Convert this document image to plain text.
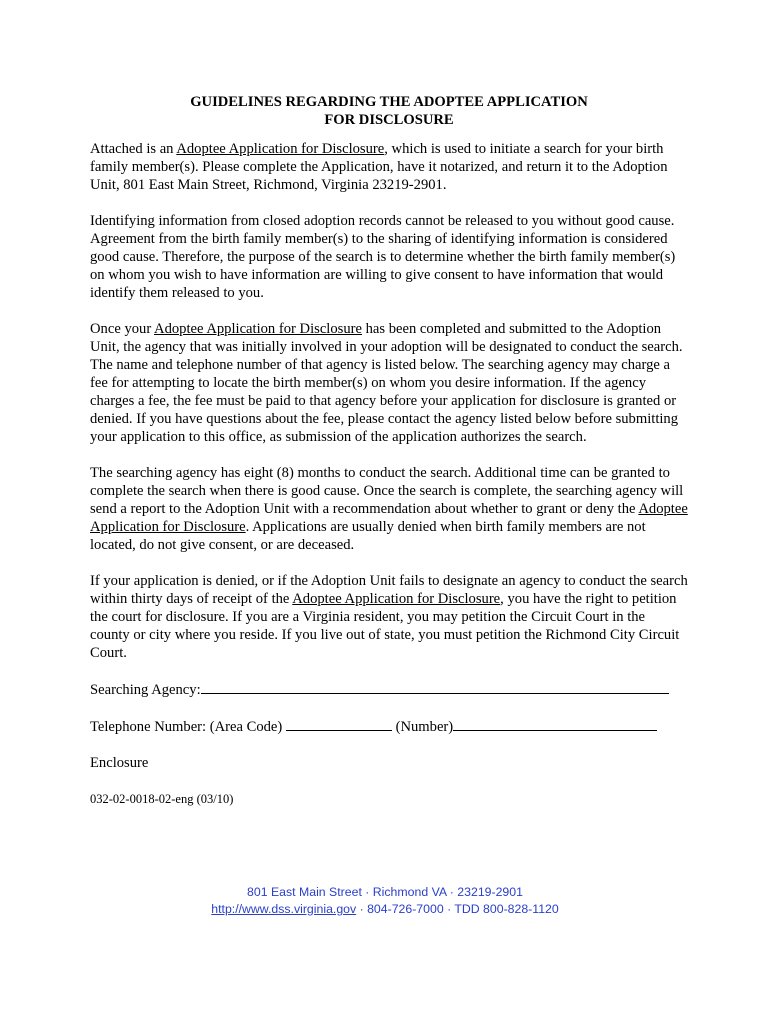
GUIDELINES REGARDING THE ADOPTEE APPLICATION
FOR DISCLOSURE

Attached is an Adoptee Application for Disclosure, which is used to initiate a search for your birth family member(s). Please complete the Application, have it notarized, and return it to the Adoption Unit, 801 East Main Street, Richmond, Virginia 23219-2901.

Identifying information from closed adoption records cannot be released to you without good cause. Agreement from the birth family member(s) to the sharing of identifying information is considered good cause. Therefore, the purpose of the search is to determine whether the birth family member(s) on whom you wish to have information are willing to give consent to have information that would identify them released to you.

Once your Adoptee Application for Disclosure has been completed and submitted to the Adoption Unit, the agency that was initially involved in your adoption will be designated to conduct the search. The name and telephone number of that agency is listed below. The searching agency may charge a fee for attempting to locate the birth member(s) on whom you desire information. If the agency charges a fee, the fee must be paid to that agency before your application for disclosure is granted or denied. If you have questions about the fee, please contact the agency listed below before submitting your application to this office, as submission of the application authorizes the search.

The searching agency has eight (8) months to conduct the search. Additional time can be granted to complete the search when there is good cause. Once the search is complete, the searching agency will send a report to the Adoption Unit with a recommendation about whether to grant or deny the Adoptee Application for Disclosure. Applications are usually denied when birth family members are not located, do not give consent, or are deceased.

If your application is denied, or if the Adoption Unit fails to designate an agency to conduct the search within thirty days of receipt of the Adoptee Application for Disclosure, you have the right to petition the court for disclosure. If you are a Virginia resident, you may petition the Circuit Court in the county or city where you reside. If you live out of state, you must petition the Richmond City Circuit Court.

Searching Agency:
Telephone Number: (Area Code)	(Number)
Enclosure
032-02-0018-02-eng (03/10)
801 East Main Street · Richmond VA · 23219-2901
http://www.dss.virginia.gov · 804-726-7000 · TDD 800-828-1120
